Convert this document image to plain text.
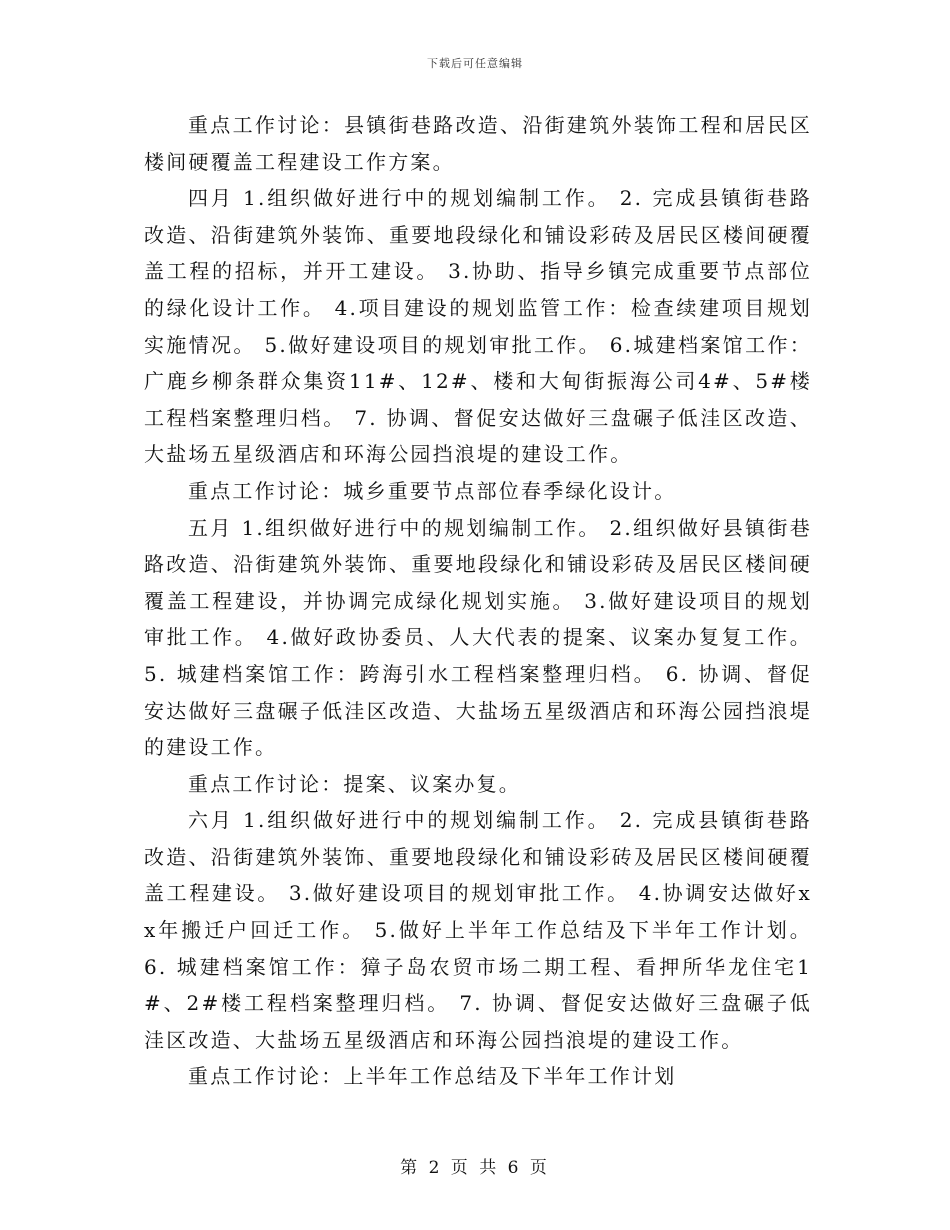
下载后可任意编辑

重点工作讨论：县镇街巷路改造、沿街建筑外装饰工程和居民区楼间硬覆盖工程建设工作方案。

四月 1.组织做好进行中的规划编制工作。 2. 完成县镇街巷路改造、沿街建筑外装饰、重要地段绿化和铺设彩砖及居民区楼间硬覆盖工程的招标，并开工建设。 3.协助、指导乡镇完成重要节点部位的绿化设计工作。 4.项目建设的规划监管工作：检查续建项目规划实施情况。 5.做好建设项目的规划审批工作。 6.城建档案馆工作：广鹿乡柳条群众集资11#、12#、楼和大甸街振海公司4#、5#楼工程档案整理归档。 7. 协调、督促安达做好三盘碾子低洼区改造、大盐场五星级酒店和环海公园挡浪堤的建设工作。

重点工作讨论：城乡重要节点部位春季绿化设计。

五月 1.组织做好进行中的规划编制工作。 2.组织做好县镇街巷路改造、沿街建筑外装饰、重要地段绿化和铺设彩砖及居民区楼间硬覆盖工程建设，并协调完成绿化规划实施。 3.做好建设项目的规划审批工作。 4.做好政协委员、人大代表的提案、议案办复复工作。 5. 城建档案馆工作：跨海引水工程档案整理归档。 6. 协调、督促安达做好三盘碾子低洼区改造、大盐场五星级酒店和环海公园挡浪堤的建设工作。

重点工作讨论：提案、议案办复。

六月 1.组织做好进行中的规划编制工作。 2. 完成县镇街巷路改造、沿街建筑外装饰、重要地段绿化和铺设彩砖及居民区楼间硬覆盖工程建设。 3.做好建设项目的规划审批工作。 4.协调安达做好xx年搬迁户回迁工作。 5.做好上半年工作总结及下半年工作计划。 6. 城建档案馆工作：獐子岛农贸市场二期工程、看押所华龙住宅1#、2#楼工程档案整理归档。 7. 协调、督促安达做好三盘碾子低洼区改造、大盐场五星级酒店和环海公园挡浪堤的建设工作。

重点工作讨论：上半年工作总结及下半年工作计划

第 2 页 共 6 页
